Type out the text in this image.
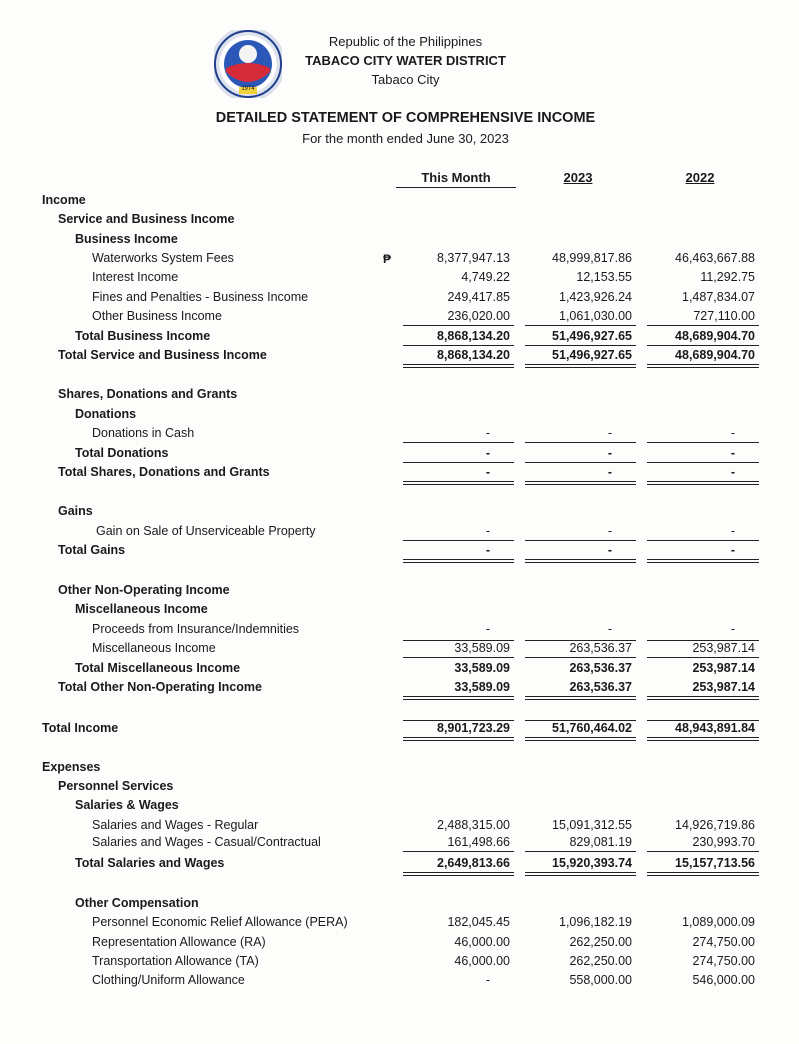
1974
Republic of the Philippines
TABACO CITY WATER DISTRICT
Tabaco City
DETAILED STATEMENT OF COMPREHENSIVE INCOME
For the month ended June 30, 2023
This Month	2023	2022
₱
Income
Service and Business Income
Business Income
Waterworks System Fees	8,377,947.13	48,999,817.86	46,463,667.88
Interest Income	4,749.22	12,153.55	11,292.75
Fines and Penalties - Business Income	249,417.85	1,423,926.24	1,487,834.07
Other Business Income	236,020.00	1,061,030.00	727,110.00
Total Business Income	8,868,134.20	51,496,927.65	48,689,904.70
Total Service and Business Income	8,868,134.20	51,496,927.65	48,689,904.70
Shares, Donations and Grants
Donations
Donations in Cash	-	-	-
Total Donations	-	-	-
Total Shares, Donations and Grants	-	-	-
Gains
Gain on Sale of Unserviceable Property	-	-	-
Total Gains	-	-	-
Other Non-Operating Income
Miscellaneous Income
Proceeds from Insurance/Indemnities	-	-	-
Miscellaneous Income	33,589.09	263,536.37	253,987.14
Total Miscellaneous Income	33,589.09	263,536.37	253,987.14
Total Other Non-Operating Income	33,589.09	263,536.37	253,987.14
Total Income	8,901,723.29	51,760,464.02	48,943,891.84
Expenses
Personnel Services
Salaries & Wages
Salaries and Wages - Regular	2,488,315.00	15,091,312.55	14,926,719.86
Salaries and Wages - Casual/Contractual	161,498.66	829,081.19	230,993.70
Total Salaries and Wages	2,649,813.66	15,920,393.74	15,157,713.56
Other Compensation
Personnel Economic Relief Allowance (PERA)	182,045.45	1,096,182.19	1,089,000.09
Representation Allowance (RA)	46,000.00	262,250.00	274,750.00
Transportation Allowance (TA)	46,000.00	262,250.00	274,750.00
Clothing/Uniform Allowance	-	558,000.00	546,000.00
